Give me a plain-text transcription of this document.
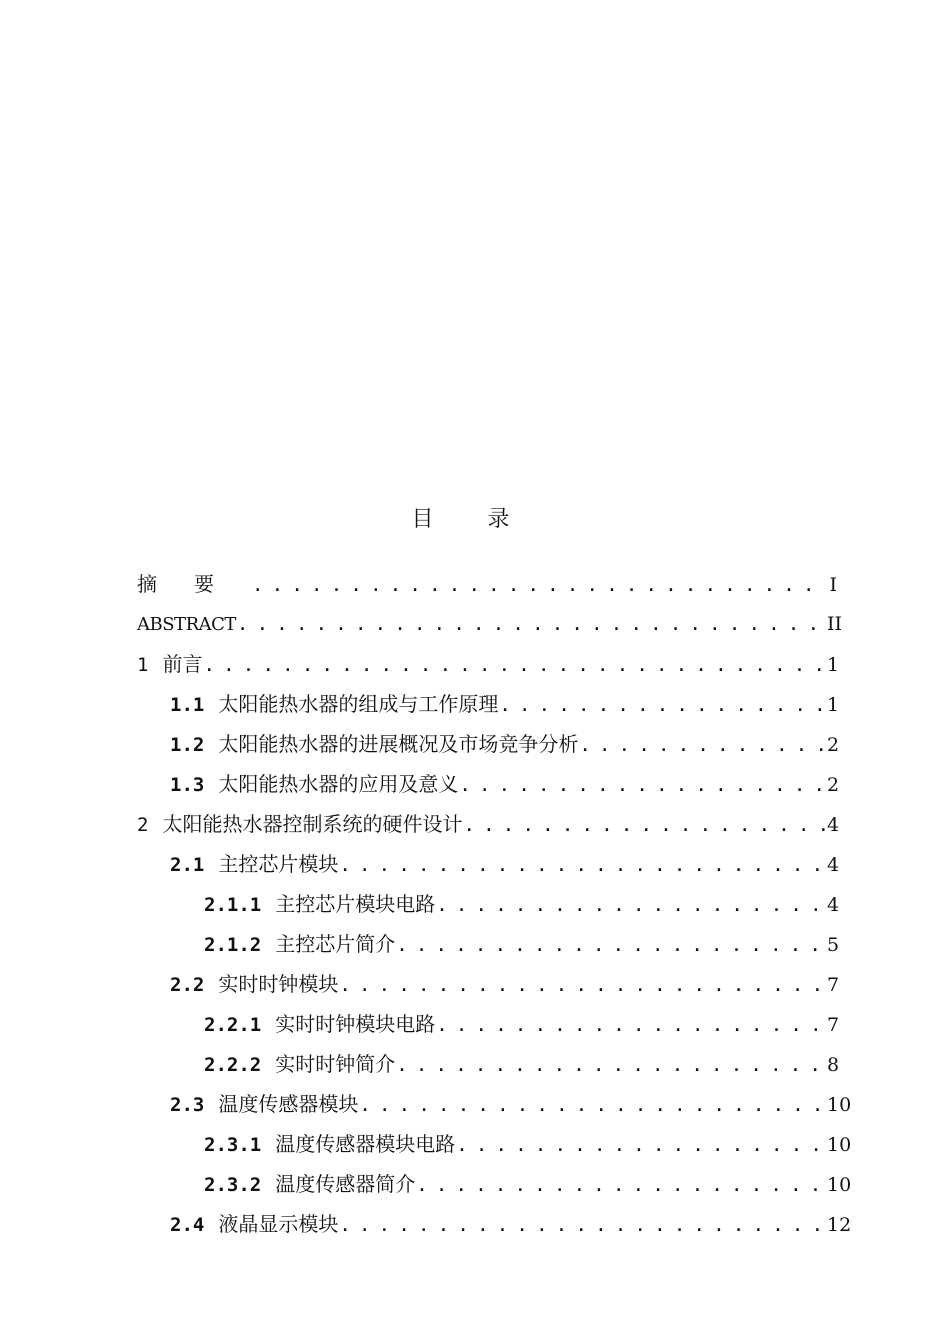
目录
摘要 . . .	I
ABSTRACT . . .	II
1 前言 . . .	1
1.1 太阳能热水器的组成与工作原理 . . .	1
1.2 太阳能热水器的进展概况及市场竞争分析 . . .	2
1.3 太阳能热水器的应用及意义 . . .	2
2 太阳能热水器控制系统的硬件设计 . . .	4
2.1 主控芯片模块 . . .	4
2.1.1 主控芯片模块电路 . . .	4
2.1.2 主控芯片简介 . . .	5
2.2 实时时钟模块 . . .	7
2.2.1 实时时钟模块电路 . . .	7
2.2.2 实时时钟简介 . . .	8
2.3 温度传感器模块 . . .	10
2.3.1 温度传感器模块电路 . . .	10
2.3.2 温度传感器简介 . . .	10
2.4 液晶显示模块 . . .	12
